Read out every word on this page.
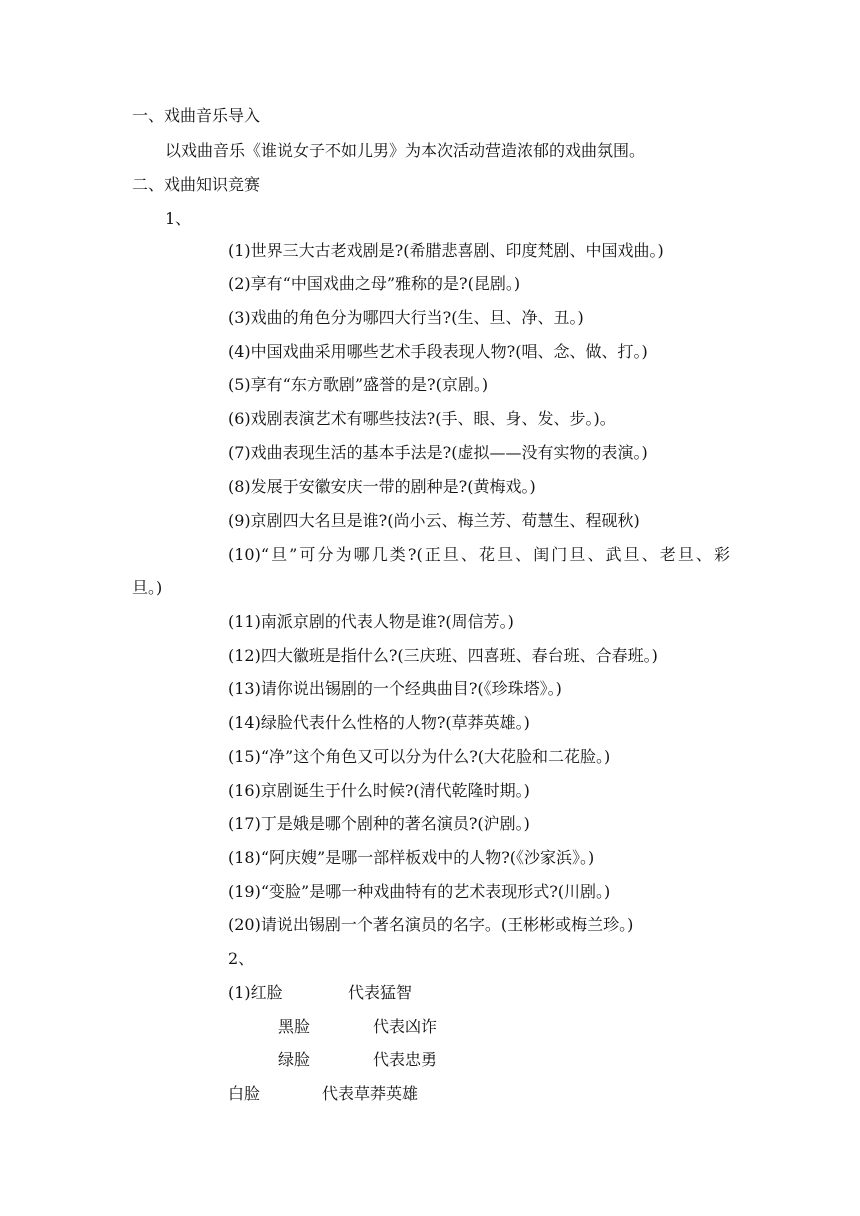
一、戏曲音乐导入
以戏曲音乐《谁说女子不如儿男》为本次活动营造浓郁的戏曲氛围。
二、戏曲知识竞赛
1、
(1)世界三大古老戏剧是?(希腊悲喜剧、印度梵剧、中国戏曲。)
(2)享有“中国戏曲之母”雅称的是?(昆剧。)
(3)戏曲的角色分为哪四大行当?(生、旦、净、丑。)
(4)中国戏曲采用哪些艺术手段表现人物?(唱、念、做、打。)
(5)享有“东方歌剧”盛誉的是?(京剧。)
(6)戏剧表演艺术有哪些技法?(手、眼、身、发、步。)。
(7)戏曲表现生活的基本手法是?(虚拟——没有实物的表演。)
(8)发展于安徽安庆一带的剧种是?(黄梅戏。)
(9)京剧四大名旦是谁?(尚小云、梅兰芳、荀慧生、程砚秋)
(10)“旦”可分为哪几类?(正旦、花旦、闺门旦、武旦、老旦、彩
旦。)
(11)南派京剧的代表人物是谁?(周信芳。)
(12)四大徽班是指什么?(三庆班、四喜班、春台班、合春班。)
(13)请你说出锡剧的一个经典曲目?(《珍珠塔》。)
(14)绿脸代表什么性格的人物?(草莽英雄。)
(15)“净”这个角色又可以分为什么?(大花脸和二花脸。)
(16)京剧诞生于什么时候?(清代乾隆时期。)
(17)丁是娥是哪个剧种的著名演员?(沪剧。)
(18)“阿庆嫂”是哪一部样板戏中的人物?(《沙家浜》。)
(19)“变脸”是哪一种戏曲特有的艺术表现形式?(川剧。)
(20)请说出锡剧一个著名演员的名字。(王彬彬或梅兰珍。)
2、
(1)红脸	代表猛智
黑脸	代表凶诈
绿脸	代表忠勇
白脸	代表草莽英雄
